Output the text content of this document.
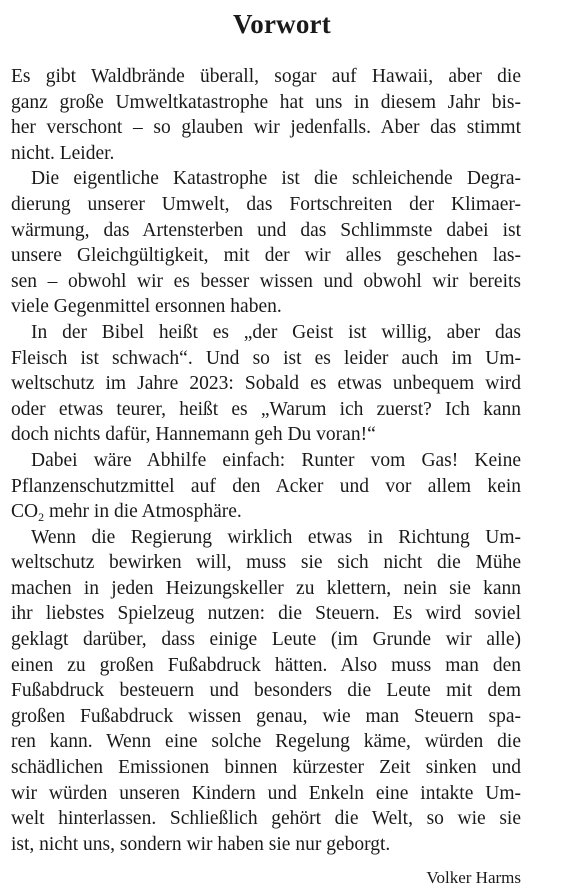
Vorwort

Es gibt Waldbrände überall, sogar auf Hawaii, aber die
ganz große Umweltkatastrophe hat uns in diesem Jahr bis-
her verschont – so glauben wir jedenfalls. Aber das stimmt
nicht. Leider.

Die eigentliche Katastrophe ist die schleichende Degra-
dierung unserer Umwelt, das Fortschreiten der Klimaer-
wärmung, das Artensterben und das Schlimmste dabei ist
unsere Gleichgültigkeit, mit der wir alles geschehen las-
sen – obwohl wir es besser wissen und obwohl wir bereits
viele Gegenmittel ersonnen haben.

In der Bibel heißt es „der Geist ist willig, aber das
Fleisch ist schwach“. Und so ist es leider auch im Um-
weltschutz im Jahre 2023: Sobald es etwas unbequem wird
oder etwas teurer, heißt es „Warum ich zuerst? Ich kann
doch nichts dafür, Hannemann geh Du voran!“

Dabei wäre Abhilfe einfach: Runter vom Gas! Keine
Pflanzenschutzmittel auf den Acker und vor allem kein
$CO_2$ mehr in die Atmosphäre.

Wenn die Regierung wirklich etwas in Richtung Um-
weltschutz bewirken will, muss sie sich nicht die Mühe
machen in jeden Heizungskeller zu klettern, nein sie kann
ihr liebstes Spielzeug nutzen: die Steuern. Es wird soviel
geklagt darüber, dass einige Leute (im Grunde wir alle)
einen zu großen Fußabdruck hätten. Also muss man den
Fußabdruck besteuern und besonders die Leute mit dem
großen Fußabdruck wissen genau, wie man Steuern spa-
ren kann. Wenn eine solche Regelung käme, würden die
schädlichen Emissionen binnen kürzester Zeit sinken und
wir würden unseren Kindern und Enkeln eine intakte Um-
welt hinterlassen. Schließlich gehört die Welt, so wie sie
ist, nicht uns, sondern wir haben sie nur geborgt.

Volker Harms
